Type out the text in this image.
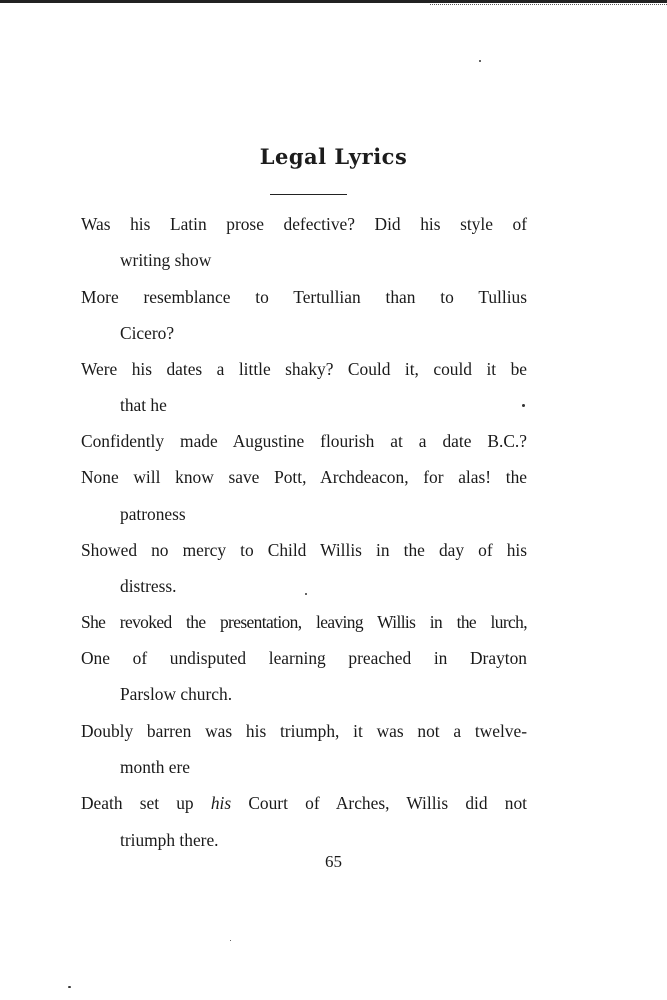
Legal Lyrics
Was his Latin prose defective? Did his style of
writing show
More resemblance to Tertullian than to Tullius
Cicero?
Were his dates a little shaky? Could it, could it be
that he
Confidently made Augustine flourish at a date B.C.?
None will know save Pott, Archdeacon, for alas! the
patroness
Showed no mercy to Child Willis in the day of his
distress.
She revoked the presentation, leaving Willis in the lurch,
One of undisputed learning preached in Drayton
Parslow church.
Doubly barren was his triumph, it was not a twelve-
month ere
Death set up his Court of Arches, Willis did not
triumph there.
65
